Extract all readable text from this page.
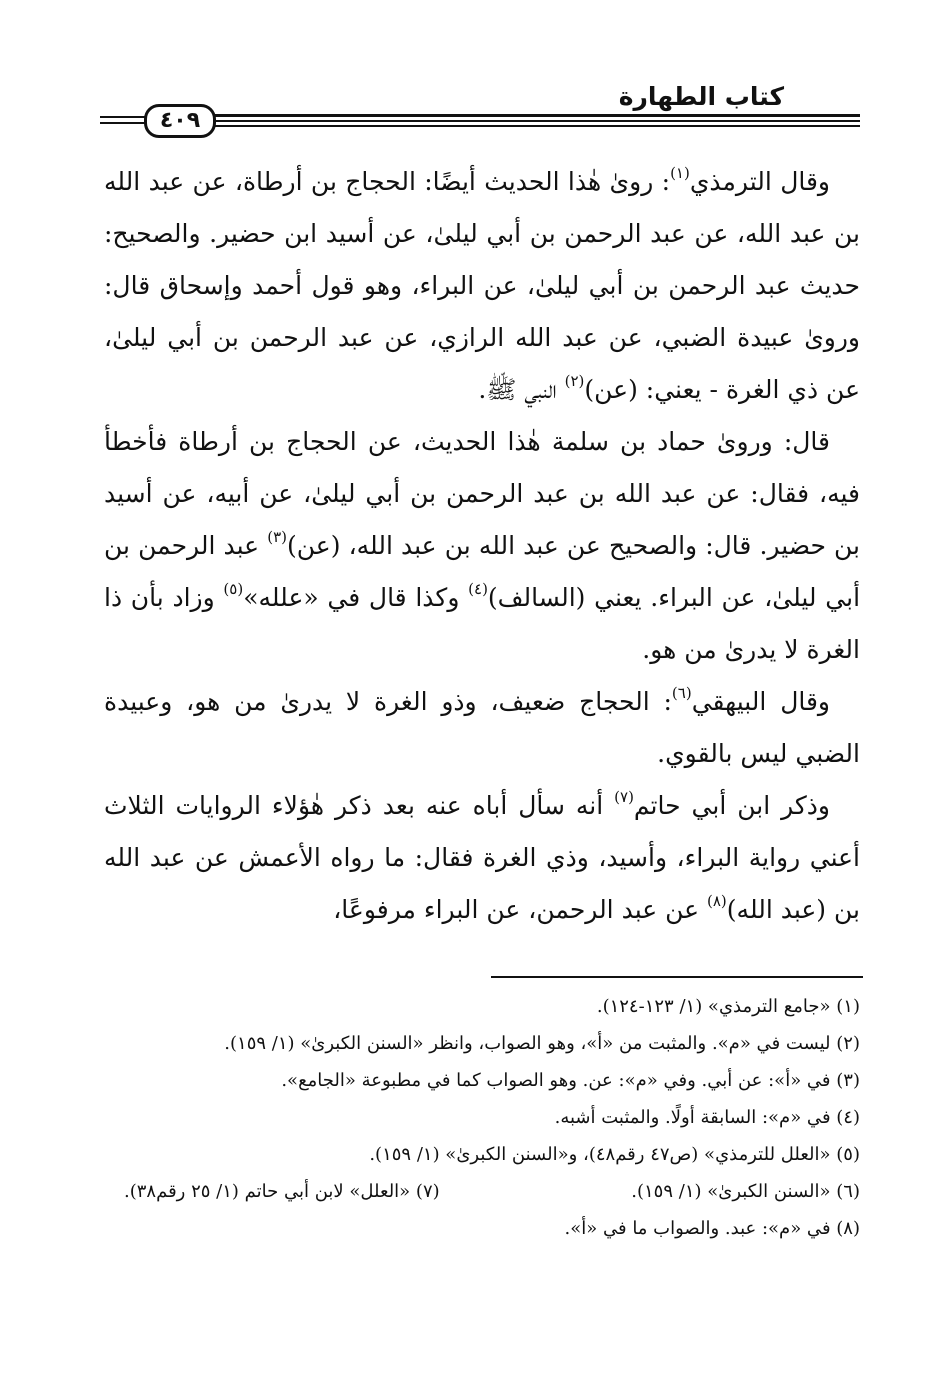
كتاب الطهارة
٤٠٩

وقال الترمذي$^{(١)}$: روىٰ هٰذا الحديث أيضًا: الحجاج بن أرطاة، عن عبد الله بن عبد الله، عن عبد الرحمن بن أبي ليلىٰ، عن أسيد ابن حضير. والصحيح: حديث عبد الرحمن بن أبي ليلىٰ، عن البراء، وهو قول أحمد وإسحاق قال: وروىٰ عبيدة الضبي، عن عبد الله الرازي، عن عبد الرحمن بن أبي ليلىٰ، عن ذي الغرة - يعني: (عن)$^{(٢)}$ النبي ﷺ.

قال: وروىٰ حماد بن سلمة هٰذا الحديث، عن الحجاج بن أرطاة فأخطأ فيه، فقال: عن عبد الله بن عبد الرحمن بن أبي ليلىٰ، عن أبيه، عن أسيد بن حضير. قال: والصحيح عن عبد الله بن عبد الله، (عن)$^{(٣)}$ عبد الرحمن بن أبي ليلىٰ، عن البراء. يعني (السالف)$^{(٤)}$ وكذا قال في «علله»$^{(٥)}$ وزاد بأن ذا الغرة لا يدرىٰ من هو.

وقال البيهقي$^{(٦)}$: الحجاج ضعيف، وذو الغرة لا يدرىٰ من هو، وعبيدة الضبي ليس بالقوي.

وذكر ابن أبي حاتم$^{(٧)}$ أنه سأل أباه عنه بعد ذكر هٰؤلاء الروايات الثلاث أعني رواية البراء، وأسيد، وذي الغرة فقال: ما رواه الأعمش عن عبد الله بن (عبد الله)$^{(٨)}$ عن عبد الرحمن، عن البراء مرفوعًا،

(١) «جامع الترمذي» (١/ ١٢٣-١٢٤).

(٢) ليست في «م». والمثبت من «أ»، وهو الصواب، وانظر «السنن الكبرىٰ» (١/ ١٥٩).

(٣) في «أ»: عن أبي. وفي «م»: عن. وهو الصواب كما في مطبوعة «الجامع».

(٤) في «م»: السابقة أولًا. والمثبت أشبه.

(٥) «العلل للترمذي» (ص٤٧ رقم٤٨)، و«السنن الكبرىٰ» (١/ ١٥٩).

(٦) «السنن الكبرىٰ» (١/ ١٥٩).
(٧) «العلل» لابن أبي حاتم (١/ ٢٥ رقم٣٨).

(٨) في «م»: عبد. والصواب ما في «أ».
